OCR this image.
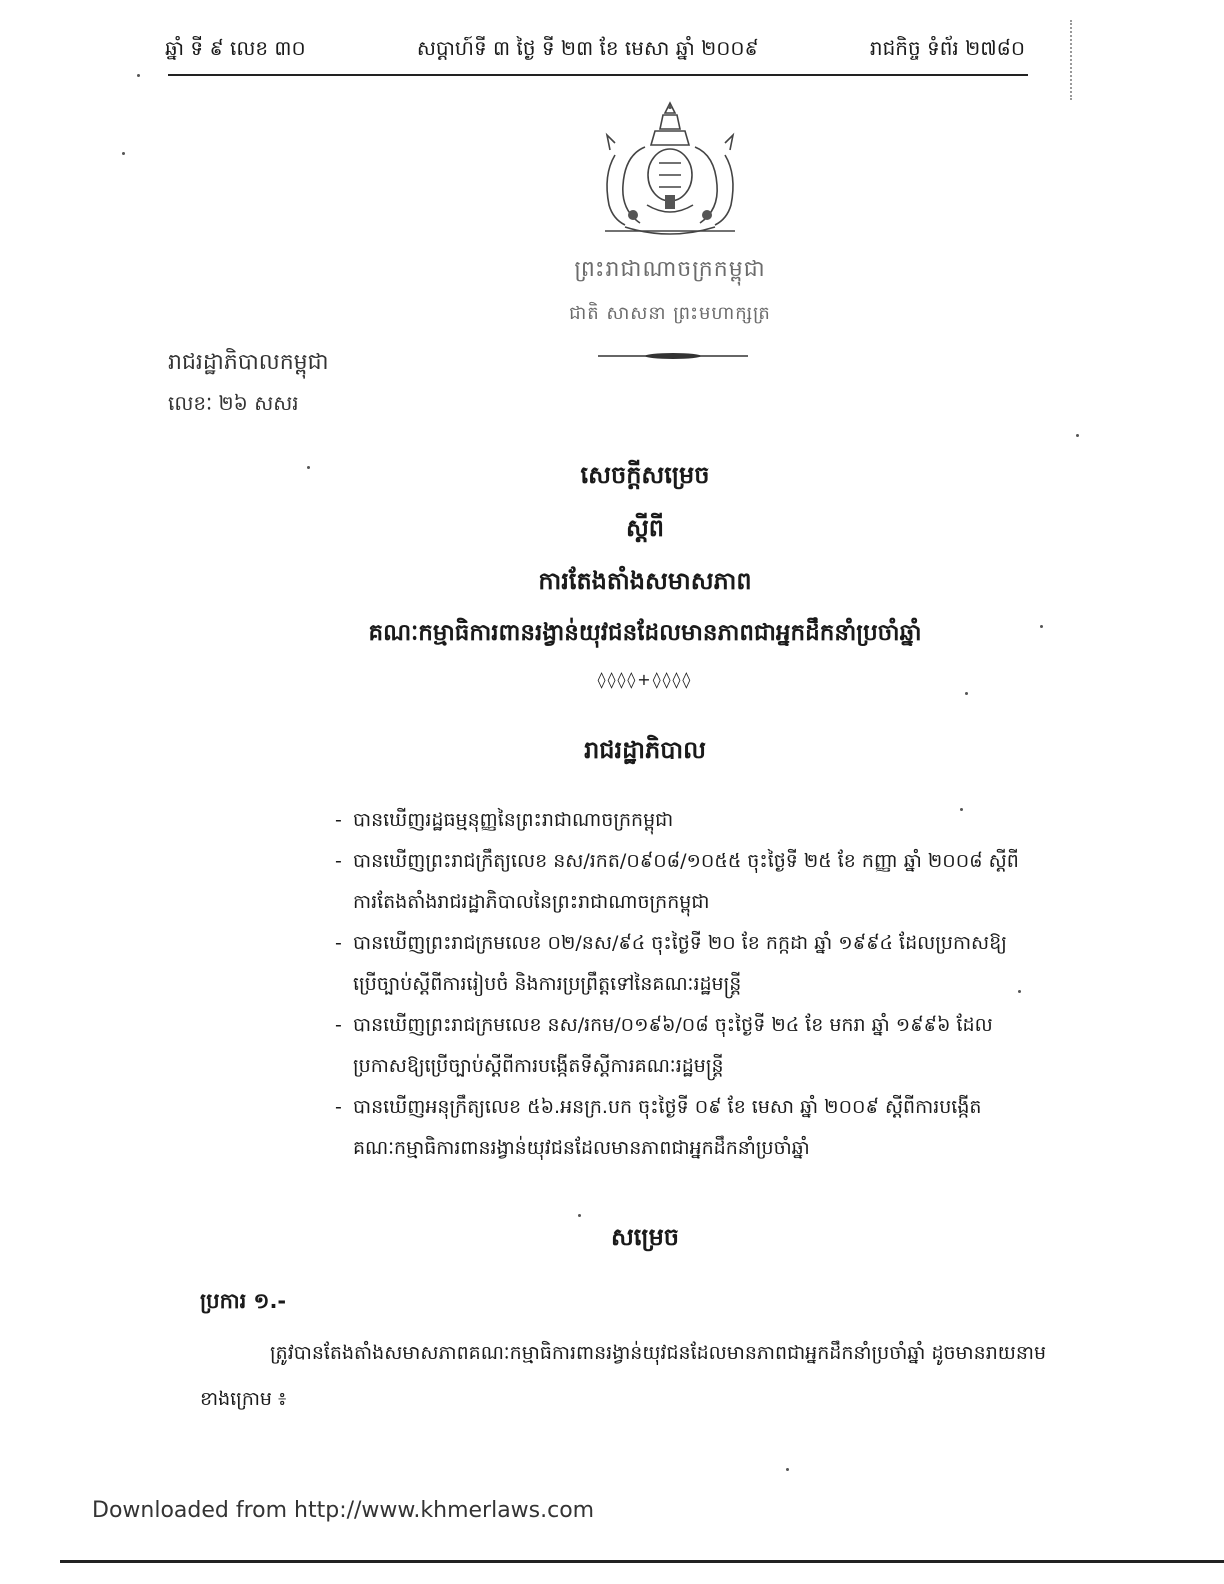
ឆ្នាំ ទី ៩ លេខ ៣០	សប្តាហ៍ទី ៣ ថ្ងៃ ទី ២៣ ខែ មេសា ឆ្នាំ ២០០៩	រាជកិច្ច ទំព័រ ២៧៨០
ព្រះរាជាណាចក្រកម្ពុជា
ជាតិ សាសនា ព្រះមហាក្សត្រ
រាជរដ្ឋាភិបាលកម្ពុជា
លេខៈ ២៦ សសរ
សេចក្តីសម្រេច
ស្តីពី
ការតែងតាំងសមាសភាព
គណៈកម្មាធិការពានរង្វាន់យុវជនដែលមានភាពជាអ្នកដឹកនាំប្រចាំឆ្នាំ
◊◊◊◊+◊◊◊◊
រាជរដ្ឋាភិបាល
- បានឃើញរដ្ឋធម្មនុញ្ញនៃព្រះរាជាណាចក្រកម្ពុជា
- បានឃើញព្រះរាជក្រឹត្យលេខ នស/រកត/០៩០៨/១០៥៥ ចុះថ្ងៃទី ២៥ ខែ កញ្ញា ឆ្នាំ ២០០៨ ស្តីពីការតែងតាំងរាជរដ្ឋាភិបាលនៃព្រះរាជាណាចក្រកម្ពុជា
- បានឃើញព្រះរាជក្រមលេខ ០២/នស/៩៤ ចុះថ្ងៃទី ២០ ខែ កក្កដា ឆ្នាំ ១៩៩៤ ដែលប្រកាសឱ្យប្រើច្បាប់ស្តីពីការរៀបចំ និងការប្រព្រឹត្តទៅនៃគណៈរដ្ឋមន្ត្រី
- បានឃើញព្រះរាជក្រមលេខ នស/រកម/០១៩៦/០៨ ចុះថ្ងៃទី ២៤ ខែ មករា ឆ្នាំ ១៩៩៦ ដែលប្រកាសឱ្យប្រើច្បាប់ស្តីពីការបង្កើតទីស្តីការគណៈរដ្ឋមន្ត្រី
- បានឃើញអនុក្រឹត្យលេខ ៥៦.អនក្រ.បក ចុះថ្ងៃទី ០៩ ខែ មេសា ឆ្នាំ ២០០៩ ស្តីពីការបង្កើតគណៈកម្មាធិការពានរង្វាន់យុវជនដែលមានភាពជាអ្នកដឹកនាំប្រចាំឆ្នាំ
សម្រេច
ប្រការ ១.-
ត្រូវបានតែងតាំងសមាសភាពគណៈកម្មាធិការពានរង្វាន់យុវជនដែលមានភាពជាអ្នកដឹកនាំប្រចាំឆ្នាំ ដូចមានរាយនាមខាងក្រោម ៖
Downloaded from http://www.khmerlaws.com
